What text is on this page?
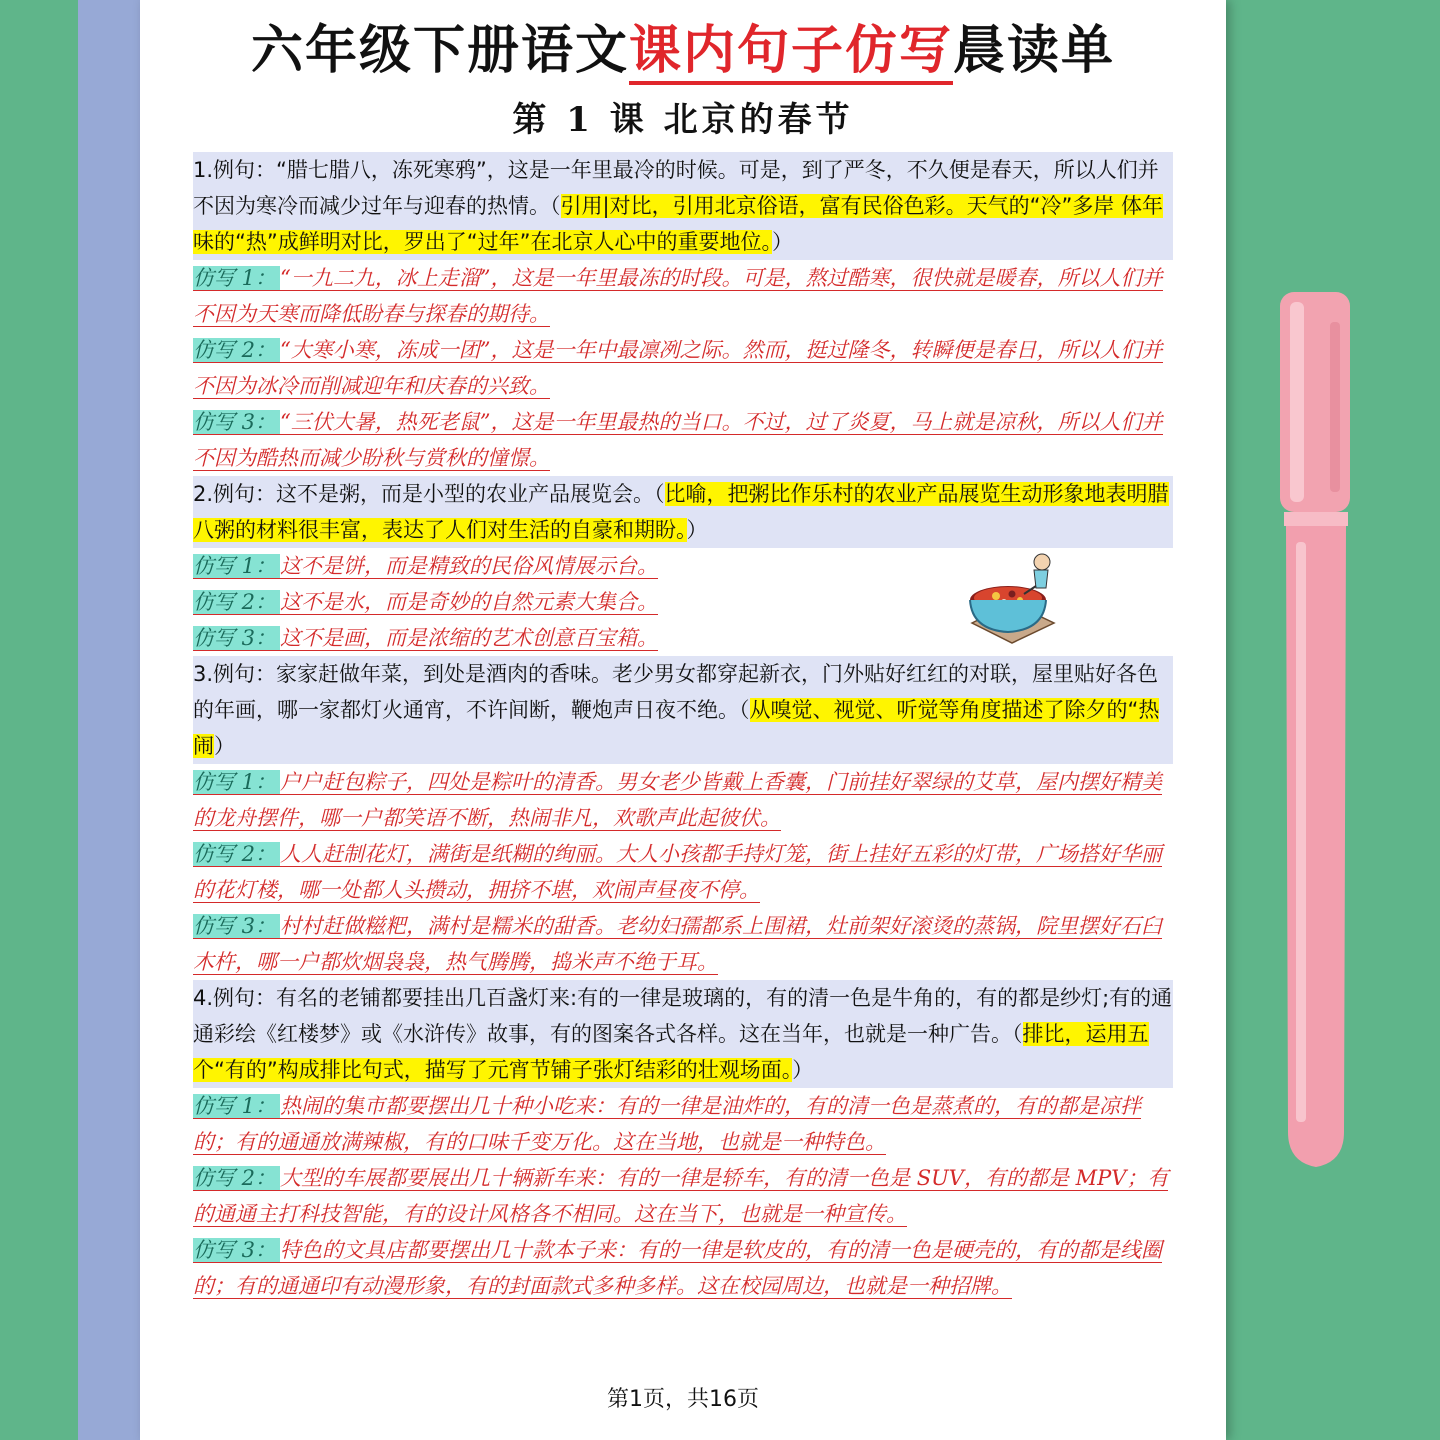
六年级下册语文课内句子仿写晨读单
第 1 课 北京的春节
第1页，共16页
1.例句：“腊七腊八，冻死寒鸦”，这是一年里最冷的时候。可是，到了严冬，不久便是春天，所以人们并不因为寒冷而减少过年与迎春的热情。（引用|对比，引用北京俗语，富有民俗色彩。天气的“冷”多岸 体年味的“热”成鲜明对比，罗出了“过年”在北京人心中的重要地位。）
仿写 1： “一九二九，冰上走溜”，这是一年里最冻的时段。可是，熬过酷寒，很快就是暖春，所以人们并不因为天寒而降低盼春与探春的期待。
仿写 2： “大寒小寒，冻成一团”，这是一年中最凛冽之际。然而，挺过隆冬，转瞬便是春日，所以人们并不因为冰冷而削减迎年和庆春的兴致。
仿写 3： “三伏大暑，热死老鼠”，这是一年里最热的当口。不过，过了炎夏，马上就是凉秋，所以人们并不因为酷热而减少盼秋与赏秋的憧憬。
2.例句：这不是粥，而是小型的农业产品展览会。（比喻，把粥比作乐村的农业产品展览生动形象地表明腊八粥的材料很丰富，表达了人们对生活的自豪和期盼。）
仿写 1： 这不是饼，而是精致的民俗风情展示台。
仿写 2： 这不是水，而是奇妙的自然元素大集合。
仿写 3： 这不是画，而是浓缩的艺术创意百宝箱。
3.例句：家家赶做年菜，到处是酒肉的香味。老少男女都穿起新衣，门外贴好红红的对联，屋里贴好各色的年画，哪一家都灯火通宵，不许间断，鞭炮声日夜不绝。（从嗅觉、视觉、听觉等角度描述了除夕的“热闹）
仿写 1： 户户赶包粽子，四处是粽叶的清香。男女老少皆戴上香囊，门前挂好翠绿的艾草，屋内摆好精美的龙舟摆件，哪一户都笑语不断，热闹非凡，欢歌声此起彼伏。
仿写 2： 人人赶制花灯，满街是纸糊的绚丽。大人小孩都手持灯笼，街上挂好五彩的灯带，广场搭好华丽的花灯楼，哪一处都人头攒动，拥挤不堪，欢闹声昼夜不停。
仿写 3： 村村赶做糍粑，满村是糯米的甜香。老幼妇孺都系上围裙，灶前架好滚烫的蒸锅，院里摆好石臼木杵，哪一户都炊烟袅袅，热气腾腾，捣米声不绝于耳。
4.例句：有名的老铺都要挂出几百盏灯来:有的一律是玻璃的，有的清一色是牛角的，有的都是纱灯;有的通通彩绘《红楼梦》或《水浒传》故事，有的图案各式各样。这在当年，也就是一种广告。（排比，运用五个“有的”构成排比句式，描写了元宵节铺子张灯结彩的壮观场面。）
仿写 1： 热闹的集市都要摆出几十种小吃来：有的一律是油炸的，有的清一色是蒸煮的，有的都是凉拌的；有的通通放满辣椒，有的口味千变万化。这在当地，也就是一种特色。
仿写 2： 大型的车展都要展出几十辆新车来：有的一律是轿车，有的清一色是 SUV，有的都是 MPV；有的通通主打科技智能，有的设计风格各不相同。这在当下，也就是一种宣传。
仿写 3： 特色的文具店都要摆出几十款本子来：有的一律是软皮的，有的清一色是硬壳的，有的都是线圈的；有的通通印有动漫形象，有的封面款式多种多样。这在校园周边，也就是一种招牌。
